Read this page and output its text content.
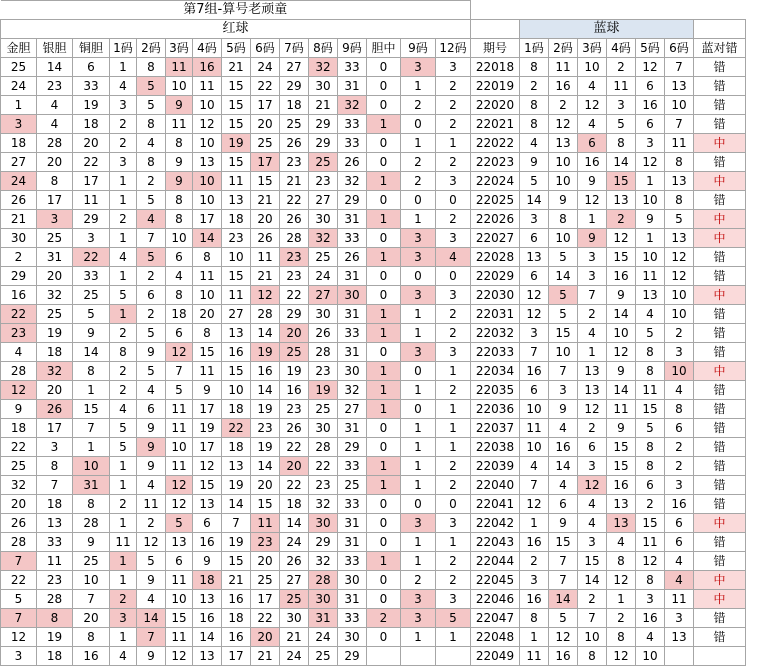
第7组-算号老顽童																						
红球																蓝球						
金胆	银胆	铜胆	1码	2码	3码	4码	5码	6码	7码	8码	9码	胆中	9码	12码	期号	1码	2码	3码	4码	5码	6码	蓝对错
25	14	6	1	8	11	16	21	24	27	32	33	0	3	3	22018	8	11	10	2	12	7	错
24	23	33	4	5	10	11	15	22	29	30	31	0	1	2	22019	2	16	4	11	6	13	错
1	4	19	3	5	9	10	15	17	18	21	32	0	2	2	22020	8	2	12	3	16	10	错
3	4	18	2	8	11	12	15	20	25	29	33	1	0	2	22021	8	12	4	5	6	7	错
18	28	20	2	4	8	10	19	25	26	29	33	0	1	1	22022	4	13	6	8	3	11	中
27	20	22	3	8	9	13	15	17	23	25	26	0	2	2	22023	9	10	16	14	12	8	错
24	8	17	1	2	9	10	11	15	21	23	32	1	2	3	22024	5	10	9	15	1	13	中
26	17	11	1	5	8	10	13	21	22	27	29	0	0	0	22025	14	9	12	13	10	8	错
21	3	29	2	4	8	17	18	20	26	30	31	1	1	2	22026	3	8	1	2	9	5	中
30	25	3	1	7	10	14	23	26	28	32	33	0	3	3	22027	6	10	9	12	1	13	中
2	31	22	4	5	6	8	10	11	23	25	26	1	3	4	22028	13	5	3	15	10	12	错
29	20	33	1	2	4	11	15	21	23	24	31	0	0	0	22029	6	14	3	16	11	12	错
16	32	25	5	6	8	10	11	12	22	27	30	0	3	3	22030	12	5	7	9	13	10	中
22	25	5	1	2	18	20	27	28	29	30	31	1	1	2	22031	12	5	2	14	4	10	错
23	19	9	2	5	6	8	13	14	20	26	33	1	1	2	22032	3	15	4	10	5	2	错
4	18	14	8	9	12	15	16	19	25	28	31	0	3	3	22033	7	10	1	12	8	3	错
28	32	8	2	5	7	11	15	16	19	23	30	1	0	1	22034	16	7	13	9	8	10	中
12	20	1	2	4	5	9	10	14	16	19	32	1	1	2	22035	6	3	13	14	11	4	错
9	26	15	4	6	11	17	18	19	23	25	27	1	0	1	22036	10	9	12	11	15	8	错
18	17	7	5	9	11	19	22	23	26	30	31	0	1	1	22037	11	4	2	9	5	6	错
22	3	1	5	9	10	17	18	19	22	28	29	0	1	1	22038	10	16	6	15	8	2	错
25	8	10	1	9	11	12	13	14	20	22	33	1	1	2	22039	4	14	3	15	8	2	错
32	7	31	1	4	12	15	19	20	22	23	25	1	1	2	22040	7	4	12	16	6	3	错
20	18	8	2	11	12	13	14	15	18	32	33	0	0	0	22041	12	6	4	13	2	16	错
26	13	28	1	2	5	6	7	11	14	30	31	0	3	3	22042	1	9	4	13	15	6	中
28	33	9	11	12	13	16	19	23	24	29	31	0	1	1	22043	16	15	3	4	11	6	错
7	11	25	1	5	6	9	15	20	26	32	33	1	1	2	22044	2	7	15	8	12	4	错
22	23	10	1	9	11	18	21	25	27	28	30	0	2	2	22045	3	7	14	12	8	4	中
5	28	7	2	4	10	13	16	17	25	30	31	0	3	3	22046	16	14	2	1	3	11	中
7	8	20	3	14	15	16	18	22	30	31	33	2	3	5	22047	8	5	7	2	16	3	错
12	19	8	1	7	11	14	16	20	21	24	30	0	1	1	22048	1	12	10	8	4	13	错
3	18	16	4	9	12	13	17	21	24	25	29				22049	11	16	8	12	10		
